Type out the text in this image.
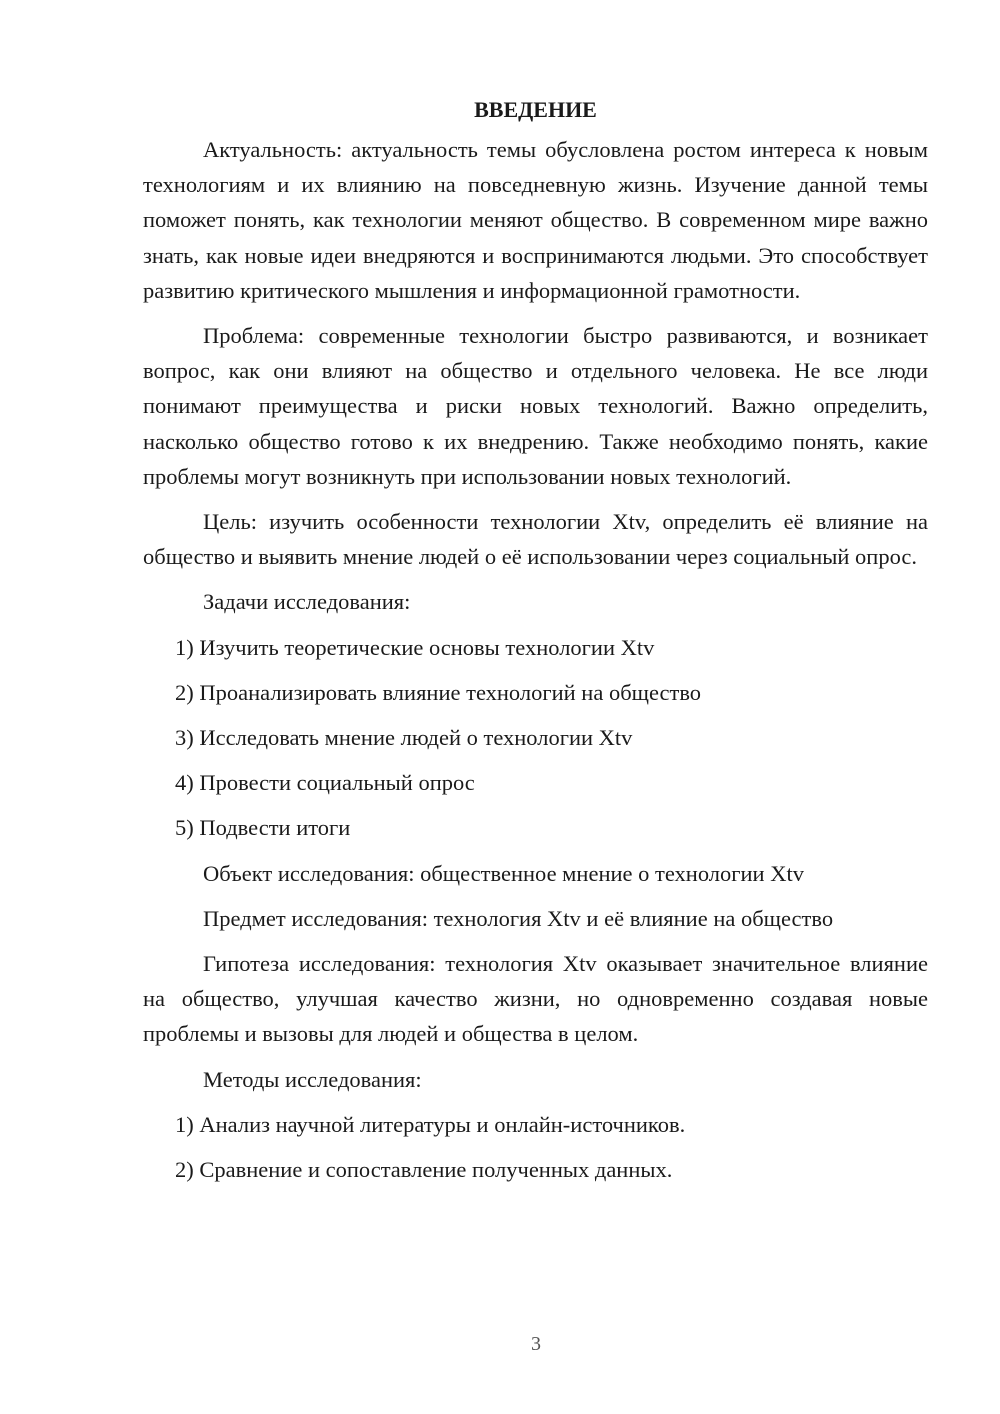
ВВЕДЕНИЕ

Актуальность: актуальность темы обусловлена ростом интереса к новым технологиям и их влиянию на повседневную жизнь. Изучение данной темы поможет понять, как технологии меняют общество. В современном мире важно знать, как новые идеи внедряются и воспринимаются людьми. Это способствует развитию критического мышления и информационной грамотности.

Проблема: современные технологии быстро развиваются, и возникает вопрос, как они влияют на общество и отдельного человека. Не все люди понимают преимущества и риски новых технологий. Важно определить, насколько общество готово к их внедрению. Также необходимо понять, какие проблемы могут возникнуть при использовании новых технологий.

Цель: изучить особенности технологии Xtv, определить её влияние на общество и выявить мнение людей о её использовании через социальный опрос.

Задачи исследования:

1) Изучить теоретические основы технологии Xtv

2) Проанализировать влияние технологий на общество

3) Исследовать мнение людей о технологии Xtv

4) Провести социальный опрос

5) Подвести итоги

Объект исследования: общественное мнение о технологии Xtv

Предмет исследования: технология Xtv и её влияние на общество

Гипотеза исследования: технология Xtv оказывает значительное влияние на общество, улучшая качество жизни, но одновременно создавая новые проблемы и вызовы для людей и общества в целом.

Методы исследования:

1) Анализ научной литературы и онлайн-источников.

2) Сравнение и сопоставление полученных данных.

3
